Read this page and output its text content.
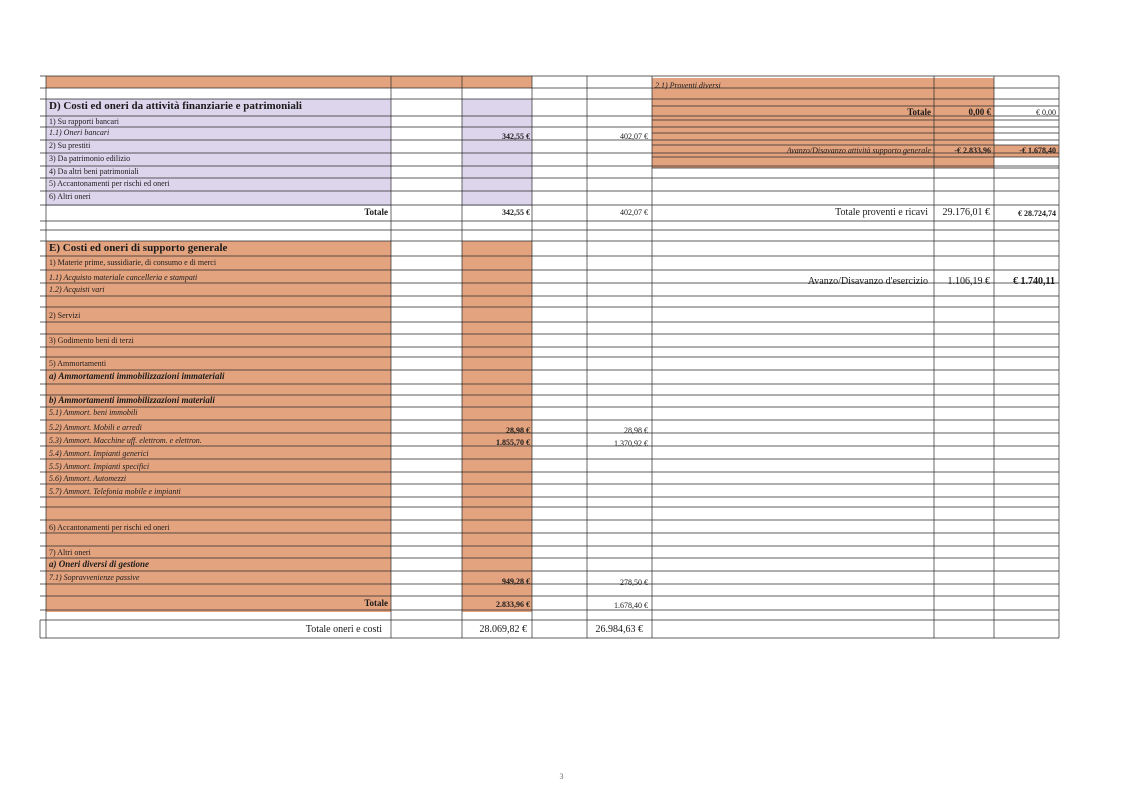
D) Costi ed oneri da attività finanziarie e patrimoniali
1) Su rapporti bancari
1.1) Oneri bancari	342,55 €	402,07 €
2) Su prestiti
3) Da patrimonio edilizio
4) Da altri beni patrimoniali
5) Accantonamenti per rischi ed oneri
6) Altri oneri
Totale	342,55 €	402,07 €
E) Costi ed oneri di supporto generale
1) Materie prime, sussidiarie, di consumo e di merci
1.1) Acquisto materiale cancelleria e stampati
1.2) Acquisti vari
2) Servizi
3) Godimento beni di terzi
5) Ammortamenti
a) Ammortamenti immobilizzazioni immateriali
b) Ammortamenti immobilizzazioni materiali
5.1) Ammort. beni immobili
5.2) Ammort. Mobili e arredi	28,98 €	28,98 €
5.3) Ammort. Macchine uff. elettrom. e elettron.	1.855,70 €	1.370,92 €
5.4) Ammort. Impianti generici
5.5) Ammort. Impianti specifici
5.6) Ammort. Automezzi
5.7) Ammort. Telefonia mobile e impianti
6) Accantonamenti per rischi ed oneri
7) Altri oneri
a) Oneri diversi di gestione
7.1) Sopravvenienze passive	949,28 €	278,50 €
Totale	2.833,96 €	1.678,40 €
Totale oneri e costi	28.069,82 €	26.984,63 €
2.1) Proventi diversi
Totale	0,00 €	€ 0,00
Avanzo/Disavanzo attività supporto generale	-€ 2.833,96	-€ 1.678,40
Totale proventi e ricavi	29.176,01 €	€ 28.724,74
Avanzo/Disavanzo d'esercizio	1.106,19 €	€ 1.740,11
3
